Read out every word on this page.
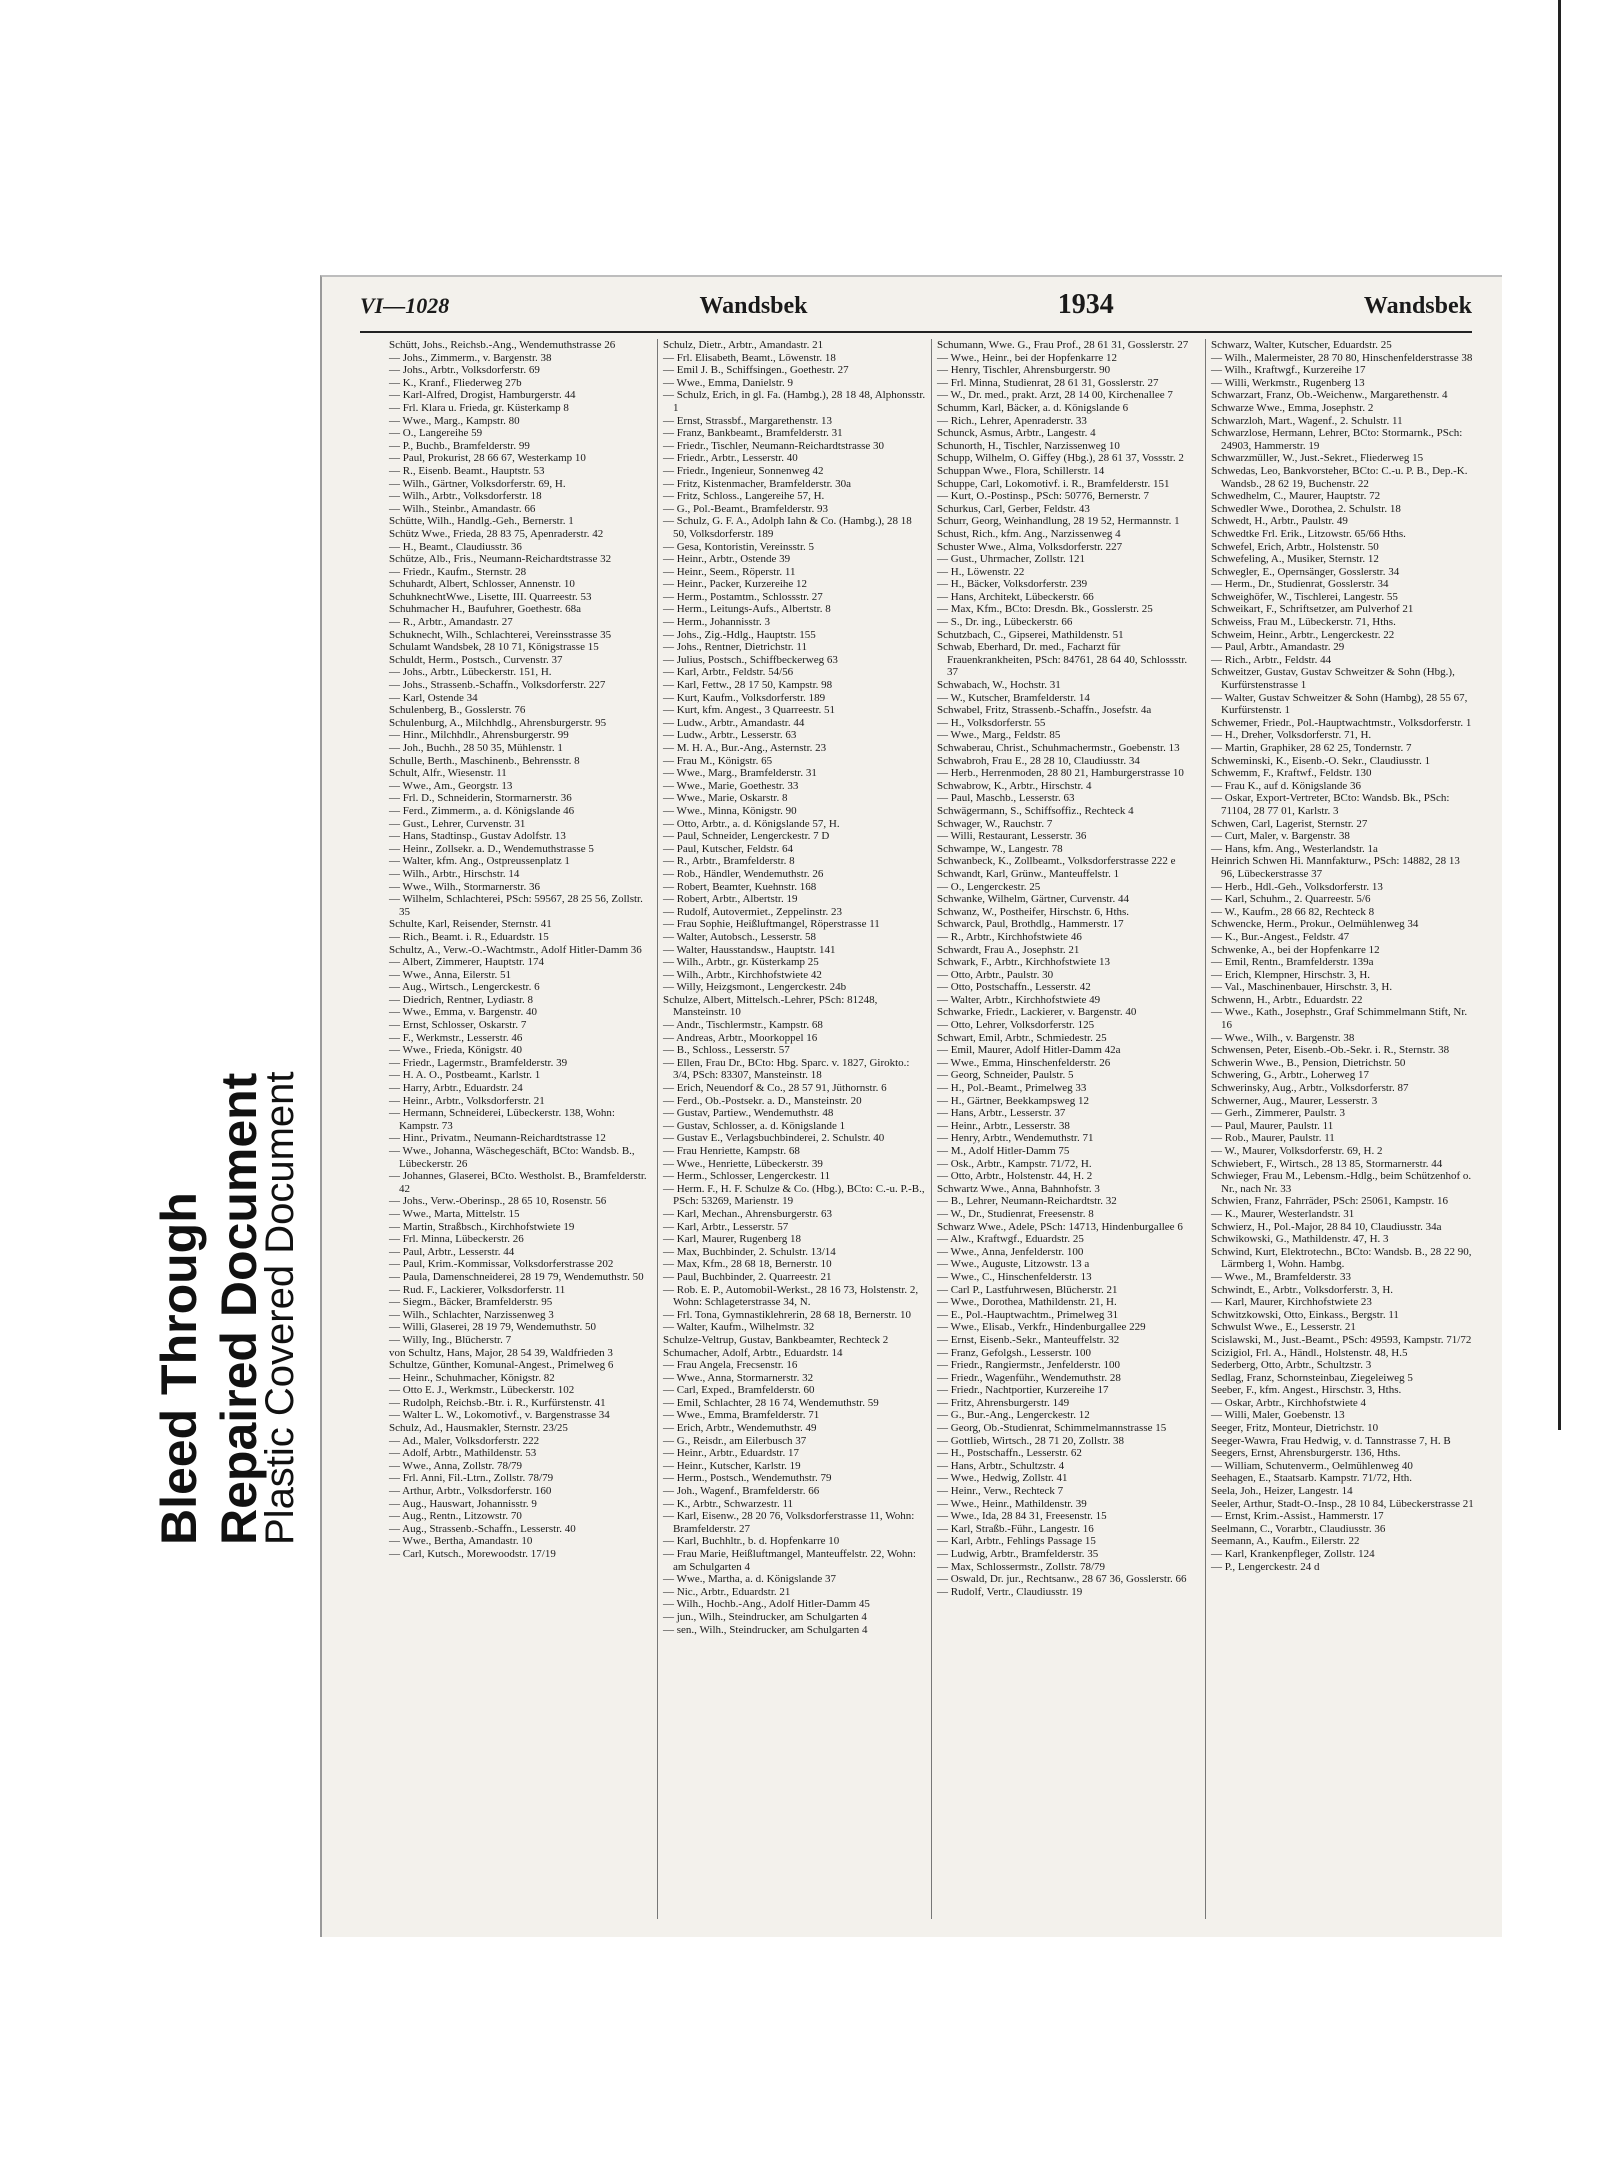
Bleed Through Repaired Document
Plastic Covered Document
VI—1028	Wandsbek	1934	Wandsbek

Schütt, Johs., Reichsb.-Ang., Wendemuthstrasse 26

— Johs., Zimmerm., v. Bargenstr. 38

— Johs., Arbtr., Volksdorferstr. 69

— K., Kranf., Fliederweg 27b

— Karl-Alfred, Drogist, Hamburgerstr. 44

— Frl. Klara u. Frieda, gr. Küsterkamp 8

— Wwe., Marg., Kampstr. 80

— O., Langereihe 59

— P., Buchb., Bramfelderstr. 99

— Paul, Prokurist, 28 66 67, Westerkamp 10

— R., Eisenb. Beamt., Hauptstr. 53

— Wilh., Gärtner, Volksdorferstr. 69, H.

— Wilh., Arbtr., Volksdorferstr. 18

— Wilh., Steinbr., Amandastr. 66

Schütte, Wilh., Handlg.-Geh., Bernerstr. 1

Schütz Wwe., Frieda, 28 83 75, Apenraderstr. 42

— H., Beamt., Claudiusstr. 36

Schütze, Alb., Fris., Neumann-Reichardtstrasse 32

— Friedr., Kaufm., Sternstr. 28

Schuhardt, Albert, Schlosser, Annenstr. 10

SchuhknechtWwe., Lisette, III. Quarreestr. 53

Schuhmacher H., Baufuhrer, Goethestr. 68a

— R., Arbtr., Amandastr. 27

Schuknecht, Wilh., Schlachterei, Vereinsstrasse 35

Schulamt Wandsbek, 28 10 71, Königstrasse 15

Schuldt, Herm., Postsch., Curvenstr. 37

— Johs., Arbtr., Lübeckerstr. 151, H.

— Johs., Strassenb.-Schaffn., Volksdorferstr. 227

— Karl, Ostende 34

Schulenberg, B., Gosslerstr. 76

Schulenburg, A., Milchhdlg., Ahrensburgerstr. 95

— Hinr., Milchhdlr., Ahrensburgerstr. 99

— Joh., Buchh., 28 50 35, Mühlenstr. 1

Schulle, Berth., Maschinenb., Behrensstr. 8

Schult, Alfr., Wiesenstr. 11

— Wwe., Am., Georgstr. 13

— Frl. D., Schneiderin, Stormarnerstr. 36

— Ferd., Zimmerm., a. d. Königslande 46

— Gust., Lehrer, Curvenstr. 31

— Hans, Stadtinsp., Gustav Adolfstr. 13

— Heinr., Zollsekr. a. D., Wendemuthstrasse 5

— Walter, kfm. Ang., Ostpreussenplatz 1

— Wilh., Arbtr., Hirschstr. 14

— Wwe., Wilh., Stormarnerstr. 36

— Wilhelm, Schlachterei, PSch: 59567, 28 25 56, Zollstr. 35

Schulte, Karl, Reisender, Sternstr. 41

— Rich., Beamt. i. R., Eduardstr. 15

Schultz, A., Verw.-O.-Wachtmstr., Adolf Hitler-Damm 36

— Albert, Zimmerer, Hauptstr. 174

— Wwe., Anna, Eilerstr. 51

— Aug., Wirtsch., Lengerckestr. 6

— Diedrich, Rentner, Lydiastr. 8

— Wwe., Emma, v. Bargenstr. 40

— Ernst, Schlosser, Oskarstr. 7

— F., Werkmstr., Lesserstr. 46

— Wwe., Frieda, Königstr. 40

— Friedr., Lagermstr., Bramfelderstr. 39

— H. A. O., Postbeamt., Karlstr. 1

— Harry, Arbtr., Eduardstr. 24

— Heinr., Arbtr., Volksdorferstr. 21

— Hermann, Schneiderei, Lübeckerstr. 138, Wohn: Kampstr. 73

— Hinr., Privatm., Neumann-Reichardtstrasse 12

— Wwe., Johanna, Wäschegeschäft, BCto: Wandsb. B., Lübeckerstr. 26

— Johannes, Glaserei, BCto. Westholst. B., Bramfelderstr. 42

— Johs., Verw.-Oberinsp., 28 65 10, Rosenstr. 56

— Wwe., Marta, Mittelstr. 15

— Martin, Straßbsch., Kirchhofstwiete 19

— Frl. Minna, Lübeckerstr. 26

— Paul, Arbtr., Lesserstr. 44

— Paul, Krim.-Kommissar, Volksdorferstrasse 202

— Paula, Damenschneiderei, 28 19 79, Wendemuthstr. 50

— Rud. F., Lackierer, Volksdorferstr. 11

— Siegm., Bäcker, Bramfelderstr. 95

— Wilh., Schlachter, Narzissenweg 3

— Willi, Glaserei, 28 19 79, Wendemuthstr. 50

— Willy, Ing., Blücherstr. 7

von Schultz, Hans, Major, 28 54 39, Waldfrieden 3

Schultze, Günther, Komunal-Angest., Primelweg 6

— Heinr., Schuhmacher, Königstr. 82

— Otto E. J., Werkmstr., Lübeckerstr. 102

— Rudolph, Reichsb.-Btr. i. R., Kurfürstenstr. 41

— Walter L. W., Lokomotivf., v. Bargenstrasse 34

Schulz, Ad., Hausmakler, Sternstr. 23/25

— Ad., Maler, Volksdorferstr. 222

— Adolf, Arbtr., Mathildenstr. 53

— Wwe., Anna, Zollstr. 78/79

— Frl. Anni, Fil.-Ltrn., Zollstr. 78/79

— Arthur, Arbtr., Volksdorferstr. 160

— Aug., Hauswart, Johannisstr. 9

— Aug., Rentn., Litzowstr. 70

— Aug., Strassenb.-Schaffn., Lesserstr. 40

— Wwe., Bertha, Amandastr. 10

— Carl, Kutsch., Morewoodstr. 17/19

Schulz, Dietr., Arbtr., Amandastr. 21

— Frl. Elisabeth, Beamt., Löwenstr. 18

— Emil J. B., Schiffsingen., Goethestr. 27

— Wwe., Emma, Danielstr. 9

— Schulz, Erich, in gl. Fa. (Hambg.), 28 18 48, Alphonsstr. 1

— Ernst, Strassbf., Margarethenstr. 13

— Franz, Bankbeamt., Bramfelderstr. 31

— Friedr., Tischler, Neumann-Reichardtstrasse 30

— Friedr., Arbtr., Lesserstr. 40

— Friedr., Ingenieur, Sonnenweg 42

— Fritz, Kistenmacher, Bramfelderstr. 30a

— Fritz, Schloss., Langereihe 57, H.

— G., Pol.-Beamt., Bramfelderstr. 93

— Schulz, G. F. A., Adolph Iahn & Co. (Hambg.), 28 18 50, Volksdorferstr. 189

— Gesa, Kontoristin, Vereinsstr. 5

— Heinr., Arbtr., Ostende 39

— Heinr., Seem., Röperstr. 11

— Heinr., Packer, Kurzereihe 12

— Herm., Postamtm., Schlossstr. 27

— Herm., Leitungs-Aufs., Albertstr. 8

— Herm., Johannisstr. 3

— Johs., Zig.-Hdlg., Hauptstr. 155

— Johs., Rentner, Dietrichstr. 11

— Julius, Postsch., Schiffbeckerweg 63

— Karl, Arbtr., Feldstr. 54/56

— Karl, Fettw., 28 17 50, Kampstr. 98

— Kurt, Kaufm., Volksdorferstr. 189

— Kurt, kfm. Angest., 3 Quarreestr. 51

— Ludw., Arbtr., Amandastr. 44

— Ludw., Arbtr., Lesserstr. 63

— M. H. A., Bur.-Ang., Asternstr. 23

— Frau M., Königstr. 65

— Wwe., Marg., Bramfelderstr. 31

— Wwe., Marie, Goethestr. 33

— Wwe., Marie, Oskarstr. 8

— Wwe., Minna, Königstr. 90

— Otto, Arbtr., a. d. Königslande 57, H.

— Paul, Schneider, Lengerckestr. 7 D

— Paul, Kutscher, Feldstr. 64

— R., Arbtr., Bramfelderstr. 8

— Rob., Händler, Wendemuthstr. 26

— Robert, Beamter, Kuehnstr. 168

— Robert, Arbtr., Albertstr. 19

— Rudolf, Autovermiet., Zeppelinstr. 23

— Frau Sophie, Heißluftmangel, Röperstrasse 11

— Walter, Autobsch., Lesserstr. 58

— Walter, Hausstandsw., Hauptstr. 141

— Wilh., Arbtr., gr. Küsterkamp 25

— Wilh., Arbtr., Kirchhofstwiete 42

— Willy, Heizgsmont., Lengerckestr. 24b

Schulze, Albert, Mittelsch.-Lehrer, PSch: 81248, Mansteinstr. 10

— Andr., Tischlermstr., Kampstr. 68

— Andreas, Arbtr., Moorkoppel 16

— B., Schloss., Lesserstr. 57

— Ellen, Frau Dr., BCto: Hbg. Sparc. v. 1827, Girokto.: 3/4, PSch: 83307, Mansteinstr. 18

— Erich, Neuendorf & Co., 28 57 91, Jüthornstr. 6

— Ferd., Ob.-Postsekr. a. D., Mansteinstr. 20

— Gustav, Partiew., Wendemuthstr. 48

— Gustav, Schlosser, a. d. Königslande 1

— Gustav E., Verlagsbuchbinderei, 2. Schulstr. 40

— Frau Henriette, Kampstr. 68

— Wwe., Henriette, Lübeckerstr. 39

— Herm., Schlosser, Lengerckestr. 11

— Herm. F., H. F. Schulze & Co. (Hbg.), BCto: C.-u. P.-B., PSch: 53269, Marienstr. 19

— Karl, Mechan., Ahrensburgerstr. 63

— Karl, Arbtr., Lesserstr. 57

— Karl, Maurer, Rugenberg 18

— Max, Buchbinder, 2. Schulstr. 13/14

— Max, Kfm., 28 68 18, Bernerstr. 10

— Paul, Buchbinder, 2. Quarreestr. 21

— Rob. E. P., Automobil-Werkst., 28 16 73, Holstenstr. 2, Wohn: Schlageterstrasse 34, N.

— Frl. Tona, Gymnastiklehrerin, 28 68 18, Bernerstr. 10

— Walter, Kaufm., Wilhelmstr. 32

Schulze-Veltrup, Gustav, Bankbeamter, Rechteck 2

Schumacher, Adolf, Arbtr., Eduardstr. 14

— Frau Angela, Frecsenstr. 16

— Wwe., Anna, Stormarnerstr. 32

— Carl, Exped., Bramfelderstr. 60

— Emil, Schlachter, 28 16 74, Wendemuthstr. 59

— Wwe., Emma, Bramfelderstr. 71

— Erich, Arbtr., Wendemuthstr. 49

— G., Reisdr., am Eilerbusch 37

— Heinr., Arbtr., Eduardstr. 17

— Heinr., Kutscher, Karlstr. 19

— Herm., Postsch., Wendemuthstr. 79

— Joh., Wagenf., Bramfelderstr. 66

— K., Arbtr., Schwarzestr. 11

— Karl, Eisenw., 28 20 76, Volksdorferstrasse 11, Wohn: Bramfelderstr. 27

— Karl, Buchhltr., b. d. Hopfenkarre 10

— Frau Marie, Heißluftmangel, Manteuffelstr. 22, Wohn: am Schulgarten 4

— Wwe., Martha, a. d. Königslande 37

— Nic., Arbtr., Eduardstr. 21

— Wilh., Hochb.-Ang., Adolf Hitler-Damm 45

— jun., Wilh., Steindrucker, am Schulgarten 4

— sen., Wilh., Steindrucker, am Schulgarten 4

Schumann, Wwe. G., Frau Prof., 28 61 31, Gosslerstr. 27

— Wwe., Heinr., bei der Hopfenkarre 12

— Henry, Tischler, Ahrensburgerstr. 90

— Frl. Minna, Studienrat, 28 61 31, Gosslerstr. 27

— W., Dr. med., prakt. Arzt, 28 14 00, Kirchenallee 7

Schumm, Karl, Bäcker, a. d. Königslande 6

— Rich., Lehrer, Apenraderstr. 33

Schunck, Asmus, Arbtr., Langestr. 4

Schunorth, H., Tischler, Narzissenweg 10

Schupp, Wilhelm, O. Giffey (Hbg.), 28 61 37, Vossstr. 2

Schuppan Wwe., Flora, Schillerstr. 14

Schuppe, Carl, Lokomotivf. i. R., Bramfelderstr. 151

— Kurt, O.-Postinsp., PSch: 50776, Bernerstr. 7

Schurkus, Carl, Gerber, Feldstr. 43

Schurr, Georg, Weinhandlung, 28 19 52, Hermannstr. 1

Schust, Rich., kfm. Ang., Narzissenweg 4

Schuster Wwe., Alma, Volksdorferstr. 227

— Gust., Uhrmacher, Zollstr. 121

— H., Löwenstr. 22

— H., Bäcker, Volksdorferstr. 239

— Hans, Architekt, Lübeckerstr. 66

— Max, Kfm., BCto: Dresdn. Bk., Gosslerstr. 25

— S., Dr. ing., Lübeckerstr. 66

Schutzbach, C., Gipserei, Mathildenstr. 51

Schwab, Eberhard, Dr. med., Facharzt für Frauenkrankheiten, PSch: 84761, 28 64 40, Schlossstr. 37

Schwabach, W., Hochstr. 31

— W., Kutscher, Bramfelderstr. 14

Schwabel, Fritz, Strassenb.-Schaffn., Josefstr. 4a

— H., Volksdorferstr. 55

— Wwe., Marg., Feldstr. 85

Schwaberau, Christ., Schuhmachermstr., Goebenstr. 13

Schwabroh, Frau E., 28 28 10, Claudiusstr. 34

— Herb., Herrenmoden, 28 80 21, Hamburgerstrasse 10

Schwabrow, K., Arbtr., Hirschstr. 4

— Paul, Maschb., Lesserstr. 63

Schwägermann, S., Schiffsoffiz., Rechteck 4

Schwager, W., Rauchstr. 7

— Willi, Restaurant, Lesserstr. 36

Schwampe, W., Langestr. 78

Schwanbeck, K., Zollbeamt., Volksdorferstrasse 222 e

Schwandt, Karl, Grünw., Manteuffelstr. 1

— O., Lengerckestr. 25

Schwanke, Wilhelm, Gärtner, Curvenstr. 44

Schwanz, W., Postheifer, Hirschstr. 6, Hths.

Schwarck, Paul, Brothdlg., Hammerstr. 17

— R., Arbtr., Kirchhofstwiete 46

Schwardt, Frau A., Josephstr. 21

Schwark, F., Arbtr., Kirchhofstwiete 13

— Otto, Arbtr., Paulstr. 30

— Otto, Postschaffn., Lesserstr. 42

— Walter, Arbtr., Kirchhofstwiete 49

Schwarke, Friedr., Lackierer, v. Bargenstr. 40

— Otto, Lehrer, Volksdorferstr. 125

Schwart, Emil, Arbtr., Schmiedestr. 25

— Emil, Maurer, Adolf Hitler-Damm 42a

— Wwe., Emma, Hinschenfelderstr. 26

— Georg, Schneider, Paulstr. 5

— H., Pol.-Beamt., Primelweg 33

— H., Gärtner, Beekkampsweg 12

— Hans, Arbtr., Lesserstr. 37

— Heinr., Arbtr., Lesserstr. 38

— Henry, Arbtr., Wendemuthstr. 71

— M., Adolf Hitler-Damm 75

— Osk., Arbtr., Kampstr. 71/72, H.

— Otto, Arbtr., Holstenstr. 44, H. 2

Schwartz Wwe., Anna, Bahnhofstr. 3

— B., Lehrer, Neumann-Reichardtstr. 32

— W., Dr., Studienrat, Freesenstr. 8

Schwarz Wwe., Adele, PSch: 14713, Hindenburgallee 6

— Alw., Kraftwgf., Eduardstr. 25

— Wwe., Anna, Jenfelderstr. 100

— Wwe., Auguste, Litzowstr. 13 a

— Wwe., C., Hinschenfelderstr. 13

— Carl P., Lastfuhrwesen, Blücherstr. 21

— Wwe., Dorothea, Mathildenstr. 21, H.

— E., Pol.-Hauptwachtm., Primelweg 31

— Wwe., Elisab., Verkfr., Hindenburgallee 229

— Ernst, Eisenb.-Sekr., Manteuffelstr. 32

— Franz, Gefolgsh., Lesserstr. 100

— Friedr., Rangiermstr., Jenfelderstr. 100

— Friedr., Wagenführ., Wendemuthstr. 28

— Friedr., Nachtportier, Kurzereihe 17

— Fritz, Ahrensburgerstr. 149

— G., Bur.-Ang., Lengerckestr. 12

— Georg, Ob.-Studienrat, Schimmelmannstrasse 15

— Gottlieb, Wirtsch., 28 71 20, Zollstr. 38

— H., Postschaffn., Lesserstr. 62

— Hans, Arbtr., Schultzstr. 4

— Wwe., Hedwig, Zollstr. 41

— Heinr., Verw., Rechteck 7

— Wwe., Heinr., Mathildenstr. 39

— Wwe., Ida, 28 84 31, Freesenstr. 15

— Karl, Straßb.-Führ., Langestr. 16

— Karl, Arbtr., Fehlings Passage 15

— Ludwig, Arbtr., Bramfelderstr. 35

— Max, Schlossermstr., Zollstr. 78/79

— Oswald, Dr. jur., Rechtsanw., 28 67 36, Gosslerstr. 66

— Rudolf, Vertr., Claudiusstr. 19

Schwarz, Walter, Kutscher, Eduardstr. 25

— Wilh., Malermeister, 28 70 80, Hinschenfelderstrasse 38

— Wilh., Kraftwgf., Kurzereihe 17

— Willi, Werkmstr., Rugenberg 13

Schwarzart, Franz, Ob.-Weichenw., Margarethenstr. 4

Schwarze Wwe., Emma, Josephstr. 2

Schwarzloh, Mart., Wagenf., 2. Schulstr. 11

Schwarzlose, Hermann, Lehrer, BCto: Stormarnk., PSch: 24903, Hammerstr. 19

Schwarzmüller, W., Just.-Sekret., Fliederweg 15

Schwedas, Leo, Bankvorsteher, BCto: C.-u. P. B., Dep.-K. Wandsb., 28 62 19, Buchenstr. 22

Schwedhelm, C., Maurer, Hauptstr. 72

Schwedler Wwe., Dorothea, 2. Schulstr. 18

Schwedt, H., Arbtr., Paulstr. 49

Schwedtke Frl. Erik., Litzowstr. 65/66 Hths.

Schwefel, Erich, Arbtr., Holstenstr. 50

Schwefeling, A., Musiker, Sternstr. 12

Schwegler, E., Opernsänger, Gosslerstr. 34

— Herm., Dr., Studienrat, Gosslerstr. 34

Schweighöfer, W., Tischlerei, Langestr. 55

Schweikart, F., Schriftsetzer, am Pulverhof 21

Schweiss, Frau M., Lübeckerstr. 71, Hths.

Schweim, Heinr., Arbtr., Lengerckestr. 22

— Paul, Arbtr., Amandastr. 29

— Rich., Arbtr., Feldstr. 44

Schweitzer, Gustav, Gustav Schweitzer & Sohn (Hbg.), Kurfürstenstrasse 1

— Walter, Gustav Schweitzer & Sohn (Hambg), 28 55 67, Kurfürstenstr. 1

Schwemer, Friedr., Pol.-Hauptwachtmstr., Volksdorferstr. 1

— H., Dreher, Volksdorferstr. 71, H.

— Martin, Graphiker, 28 62 25, Tondernstr. 7

Schweminski, K., Eisenb.-O. Sekr., Claudiusstr. 1

Schwemm, F., Kraftwf., Feldstr. 130

— Frau K., auf d. Königslande 36

— Oskar, Export-Vertreter, BCto: Wandsb. Bk., PSch: 71104, 28 77 01, Karlstr. 3

Schwen, Carl, Lagerist, Sternstr. 27

— Curt, Maler, v. Bargenstr. 38

— Hans, kfm. Ang., Westerlandstr. 1a

Heinrich Schwen Hi. Mannfakturw., PSch: 14882, 28 13 96, Lübeckerstrasse 37

— Herb., Hdl.-Geh., Volksdorferstr. 13

— Karl, Schuhm., 2. Quarreestr. 5/6

— W., Kaufm., 28 66 82, Rechteck 8

Schwencke, Herm., Prokur., Oelmühlenweg 34

— K., Bur.-Angest., Feldstr. 47

Schwenke, A., bei der Hopfenkarre 12

— Emil, Rentn., Bramfelderstr. 139a

— Erich, Klempner, Hirschstr. 3, H.

— Val., Maschinenbauer, Hirschstr. 3, H.

Schwenn, H., Arbtr., Eduardstr. 22

— Wwe., Kath., Josephstr., Graf Schimmelmann Stift, Nr. 16

— Wwe., Wilh., v. Bargenstr. 38

Schwensen, Peter, Eisenb.-Ob.-Sekr. i. R., Sternstr. 38

Schwerin Wwe., B., Pension, Dietrichstr. 50

Schwering, G., Arbtr., Loherweg 17

Schwerinsky, Aug., Arbtr., Volksdorferstr. 87

Schwerner, Aug., Maurer, Lesserstr. 3

— Gerh., Zimmerer, Paulstr. 3

— Paul, Maurer, Paulstr. 11

— Rob., Maurer, Paulstr. 11

— W., Maurer, Volksdorferstr. 69, H. 2

Schwiebert, F., Wirtsch., 28 13 85, Stormarnerstr. 44

Schwieger, Frau M., Lebensm.-Hdlg., beim Schützenhof o. Nr., nach Nr. 33

Schwien, Franz, Fahrräder, PSch: 25061, Kampstr. 16

— K., Maurer, Westerlandstr. 31

Schwierz, H., Pol.-Major, 28 84 10, Claudiusstr. 34a

Schwikowski, G., Mathildenstr. 47, H. 3

Schwind, Kurt, Elektrotechn., BCto: Wandsb. B., 28 22 90, Lärmberg 1, Wohn. Hambg.

— Wwe., M., Bramfelderstr. 33

Schwindt, E., Arbtr., Volksdorferstr. 3, H.

— Karl, Maurer, Kirchhofstwiete 23

Schwitzkowski, Otto, Einkass., Bergstr. 11

Schwulst Wwe., E., Lesserstr. 21

Scislawski, M., Just.-Beamt., PSch: 49593, Kampstr. 71/72

Scizigiol, Frl. A., Händl., Holstenstr. 48, H.5

Sederberg, Otto, Arbtr., Schultzstr. 3

Sedlag, Franz, Schornsteinbau, Ziegeleiweg 5

Seeber, F., kfm. Angest., Hirschstr. 3, Hths.

— Oskar, Arbtr., Kirchhofstwiete 4

— Willi, Maler, Goebenstr. 13

Seeger, Fritz, Monteur, Dietrichstr. 10

Seeger-Wawra, Frau Hedwig, v. d. Tannstrasse 7, H. B

Seegers, Ernst, Ahrensburgerstr. 136, Hths.

— William, Schutenverm., Oelmühlenweg 40

Seehagen, E., Staatsarb. Kampstr. 71/72, Hth.

Seela, Joh., Heizer, Langestr. 14

Seeler, Arthur, Stadt-O.-Insp., 28 10 84, Lübeckerstrasse 21

— Ernst, Krim.-Assist., Hammerstr. 17

Seelmann, C., Vorarbtr., Claudiusstr. 36

Seemann, A., Kaufm., Eilerstr. 22

— Karl, Krankenpfleger, Zollstr. 124

— P., Lengerckestr. 24 d
